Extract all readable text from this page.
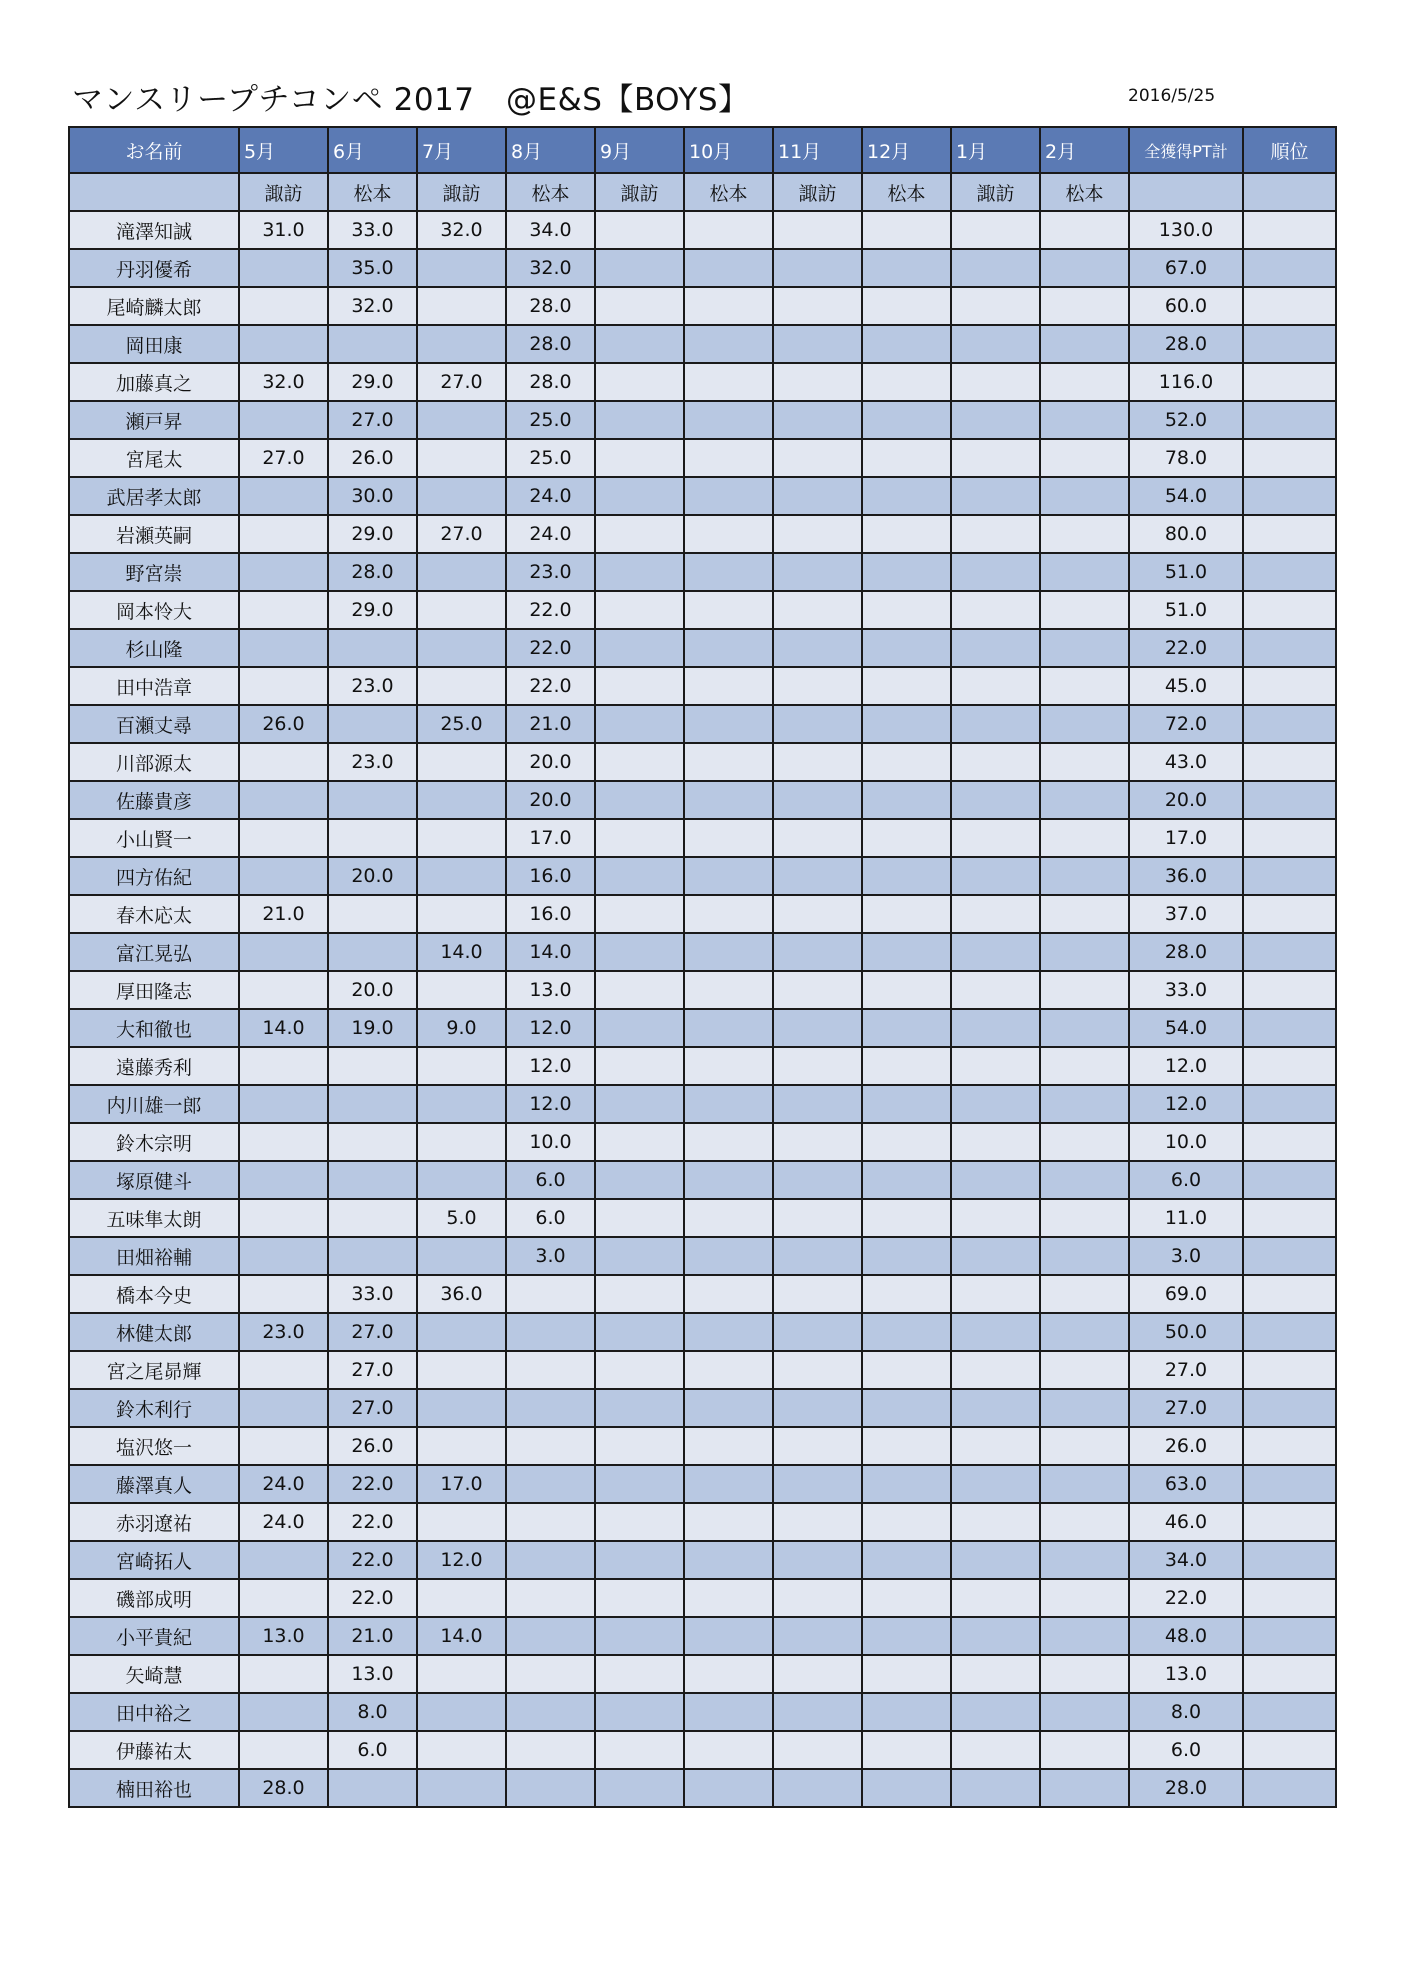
マンスリープチコンペ 2017　@E&S【BOYS】	2016/5/25
お名前	5月	6月	7月	8月	9月	10月	11月	12月	1月	2月	全獲得PT計	順位
	諏訪	松本	諏訪	松本	諏訪	松本	諏訪	松本	諏訪	松本		
滝澤知誠	31.0	33.0	32.0	34.0							130.0	
丹羽優希		35.0		32.0							67.0	
尾崎麟太郎		32.0		28.0							60.0	
岡田康				28.0							28.0	
加藤真之	32.0	29.0	27.0	28.0							116.0	
瀬戸昇		27.0		25.0							52.0	
宮尾太	27.0	26.0		25.0							78.0	
武居孝太郎		30.0		24.0							54.0	
岩瀬英嗣		29.0	27.0	24.0							80.0	
野宮崇		28.0		23.0							51.0	
岡本怜大		29.0		22.0							51.0	
杉山隆				22.0							22.0	
田中浩章		23.0		22.0							45.0	
百瀬丈尋	26.0		25.0	21.0							72.0	
川部源太		23.0		20.0							43.0	
佐藤貴彦				20.0							20.0	
小山賢一				17.0							17.0	
四方佑紀		20.0		16.0							36.0	
春木応太	21.0			16.0							37.0	
富江晃弘			14.0	14.0							28.0	
厚田隆志		20.0		13.0							33.0	
大和徹也	14.0	19.0	9.0	12.0							54.0	
遠藤秀利				12.0							12.0	
内川雄一郎				12.0							12.0	
鈴木宗明				10.0							10.0	
塚原健斗				6.0							6.0	
五味隼太朗			5.0	6.0							11.0	
田畑裕輔				3.0							3.0	
橋本今史		33.0	36.0								69.0	
林健太郎	23.0	27.0									50.0	
宮之尾昴輝		27.0									27.0	
鈴木利行		27.0									27.0	
塩沢悠一		26.0									26.0	
藤澤真人	24.0	22.0	17.0								63.0	
赤羽遼祐	24.0	22.0									46.0	
宮崎拓人		22.0	12.0								34.0	
磯部成明		22.0									22.0	
小平貴紀	13.0	21.0	14.0								48.0	
矢崎慧		13.0									13.0	
田中裕之		8.0									8.0	
伊藤祐太		6.0									6.0	
楠田裕也	28.0										28.0	
